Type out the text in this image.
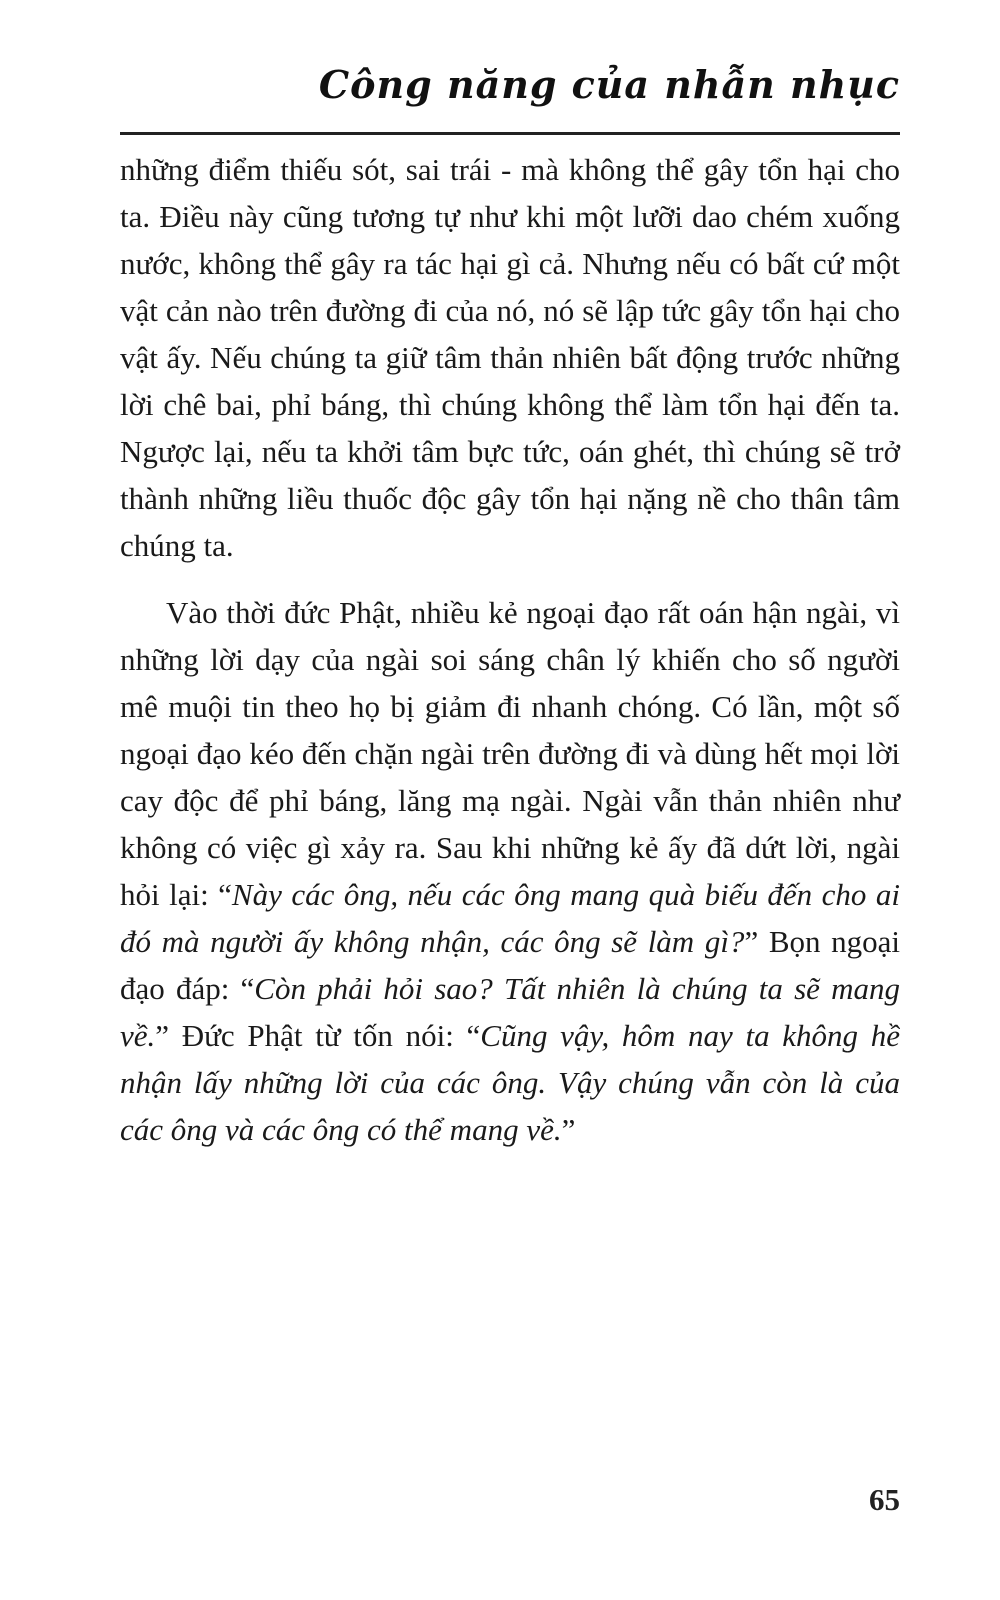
Công năng của nhẫn nhục

những điểm thiếu sót, sai trái - mà không thể gây tổn hại cho ta. Điều này cũng tương tự như khi một lưỡi dao chém xuống nước, không thể gây ra tác hại gì cả. Nhưng nếu có bất cứ một vật cản nào trên đường đi của nó, nó sẽ lập tức gây tổn hại cho vật ấy. Nếu chúng ta giữ tâm thản nhiên bất động trước những lời chê bai, phỉ báng, thì chúng không thể làm tổn hại đến ta. Ngược lại, nếu ta khởi tâm bực tức, oán ghét, thì chúng sẽ trở thành những liều thuốc độc gây tổn hại nặng nề cho thân tâm chúng ta.

Vào thời đức Phật, nhiều kẻ ngoại đạo rất oán hận ngài, vì những lời dạy của ngài soi sáng chân lý khiến cho số người mê muội tin theo họ bị giảm đi nhanh chóng. Có lần, một số ngoại đạo kéo đến chặn ngài trên đường đi và dùng hết mọi lời cay độc để phỉ báng, lăng mạ ngài. Ngài vẫn thản nhiên như không có việc gì xảy ra. Sau khi những kẻ ấy đã dứt lời, ngài hỏi lại: “Này các ông, nếu các ông mang quà biếu đến cho ai đó mà người ấy không nhận, các ông sẽ làm gì?” Bọn ngoại đạo đáp: “Còn phải hỏi sao? Tất nhiên là chúng ta sẽ mang về.” Đức Phật từ tốn nói: “Cũng vậy, hôm nay ta không hề nhận lấy những lời của các ông. Vậy chúng vẫn còn là của các ông và các ông có thể mang về.”

65
